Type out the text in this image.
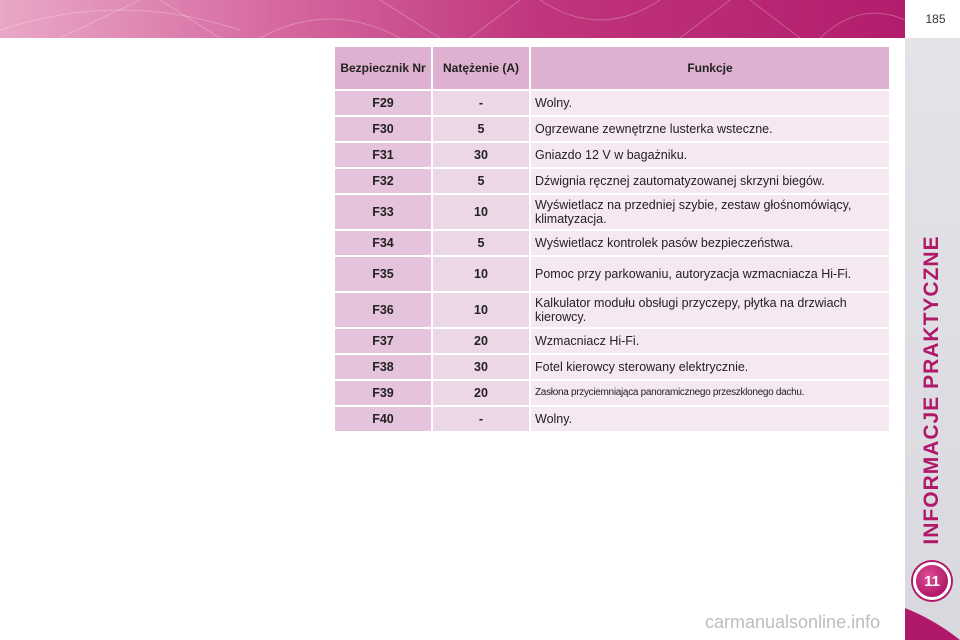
185
INFORMACJE PRAKTYCZNE
11
Bezpiecznik Nr	Natężenie (A)	Funkcje
F29	-	Wolny.
F30	5	Ogrzewane zewnętrzne lusterka wsteczne.
F31	30	Gniazdo 12 V w bagażniku.
F32	5	Dźwignia ręcznej zautomatyzowanej skrzyni biegów.
F33	10	Wyświetlacz na przedniej szybie, zestaw głośnomówiący, klimatyzacja.
F34	5	Wyświetlacz kontrolek pasów bezpieczeństwa.
F35	10	Pomoc przy parkowaniu, autoryzacja wzmacniacza Hi-Fi.
F36	10	Kalkulator modułu obsługi przyczepy, płytka na drzwiach kierowcy.
F37	20	Wzmacniacz Hi-Fi.
F38	30	Fotel kierowcy sterowany elektrycznie.
F39	20	Zasłona przyciemniająca panoramicznego przeszklonego dachu.
F40	-	Wolny.
carmanualsonline.info
